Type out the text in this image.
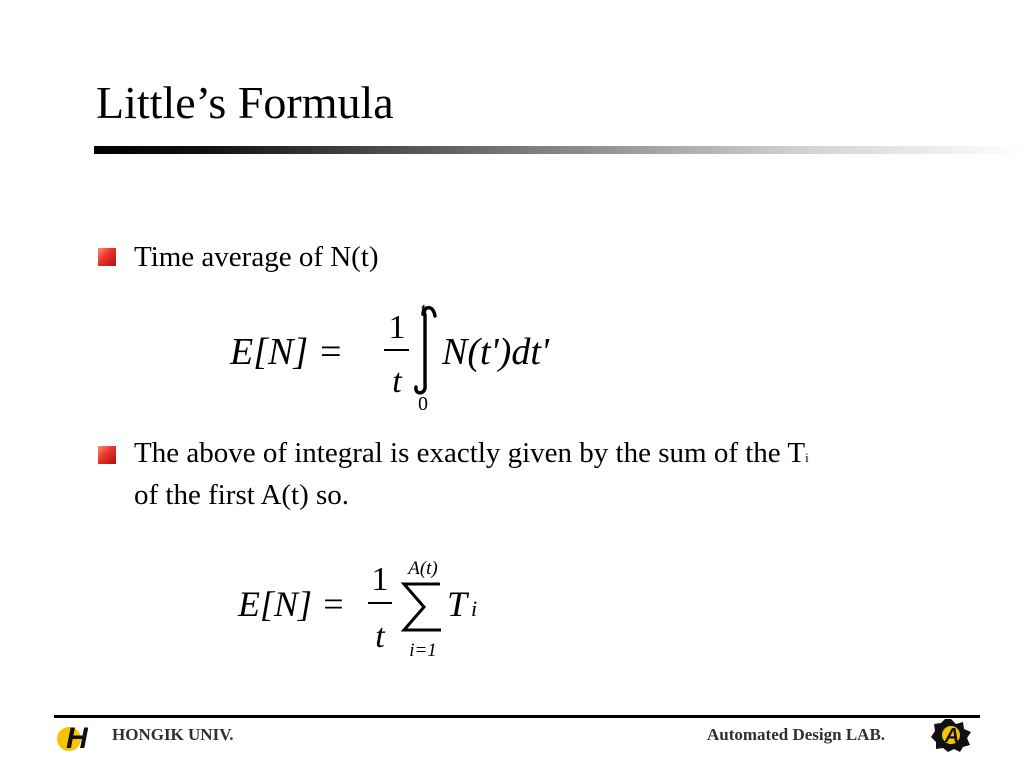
Little’s Formula
Time average of N(t)
E[N] =
1
t
t
0
N(t')dt'
The above of integral is exactly given by the sum of the Ti
of the first A(t) so.
E[N] =
1
t
A(t)
i=1
T i
H HONGIK UNIV.	Automated Design LAB.	A
